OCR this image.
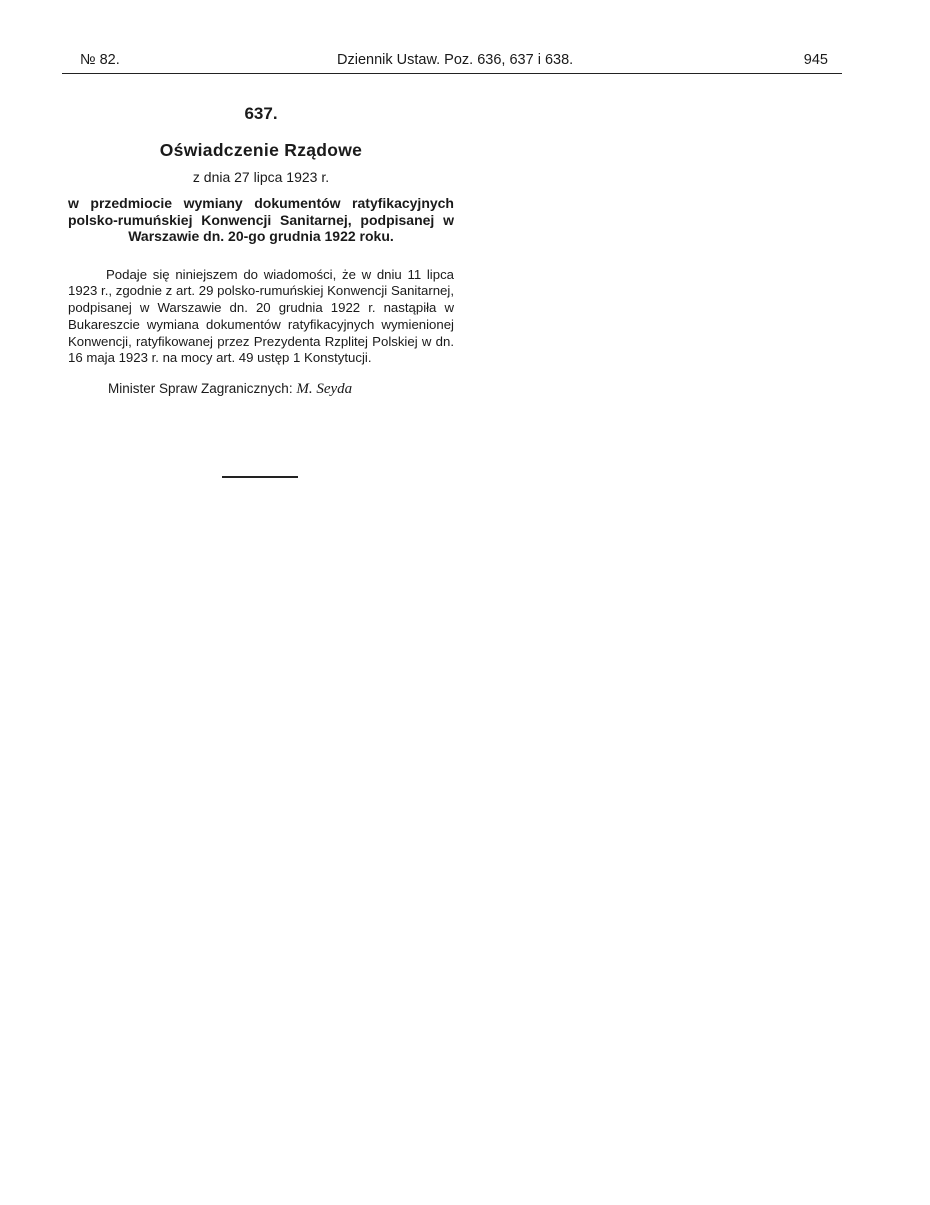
№ 82.	Dziennik Ustaw. Poz. 636, 637 i 638.	945
637.
Oświadczenie Rządowe
z dnia 27 lipca 1923 r.

w przedmiocie wymiany dokumentów ratyfikacyjnych polsko-rumuńskiej Konwencji Sanitarnej, podpisanej w Warszawie dn. 20-go grudnia 1922 roku.

Podaje się niniejszem do wiadomości, że w dniu 11 lipca 1923 r., zgodnie z art. 29 polsko-rumuńskiej Konwencji Sanitarnej, podpisanej w Warszawie dn. 20 grudnia 1922 r. nastąpiła w Bukareszcie wymiana dokumentów ratyfikacyjnych wymienionej Konwencji, ratyfikowanej przez Prezydenta Rzplitej Polskiej w dn. 16 maja 1923 r. na mocy art. 49 ustęp 1 Konstytucji.

Minister Spraw Zagranicznych: M. Seyda
